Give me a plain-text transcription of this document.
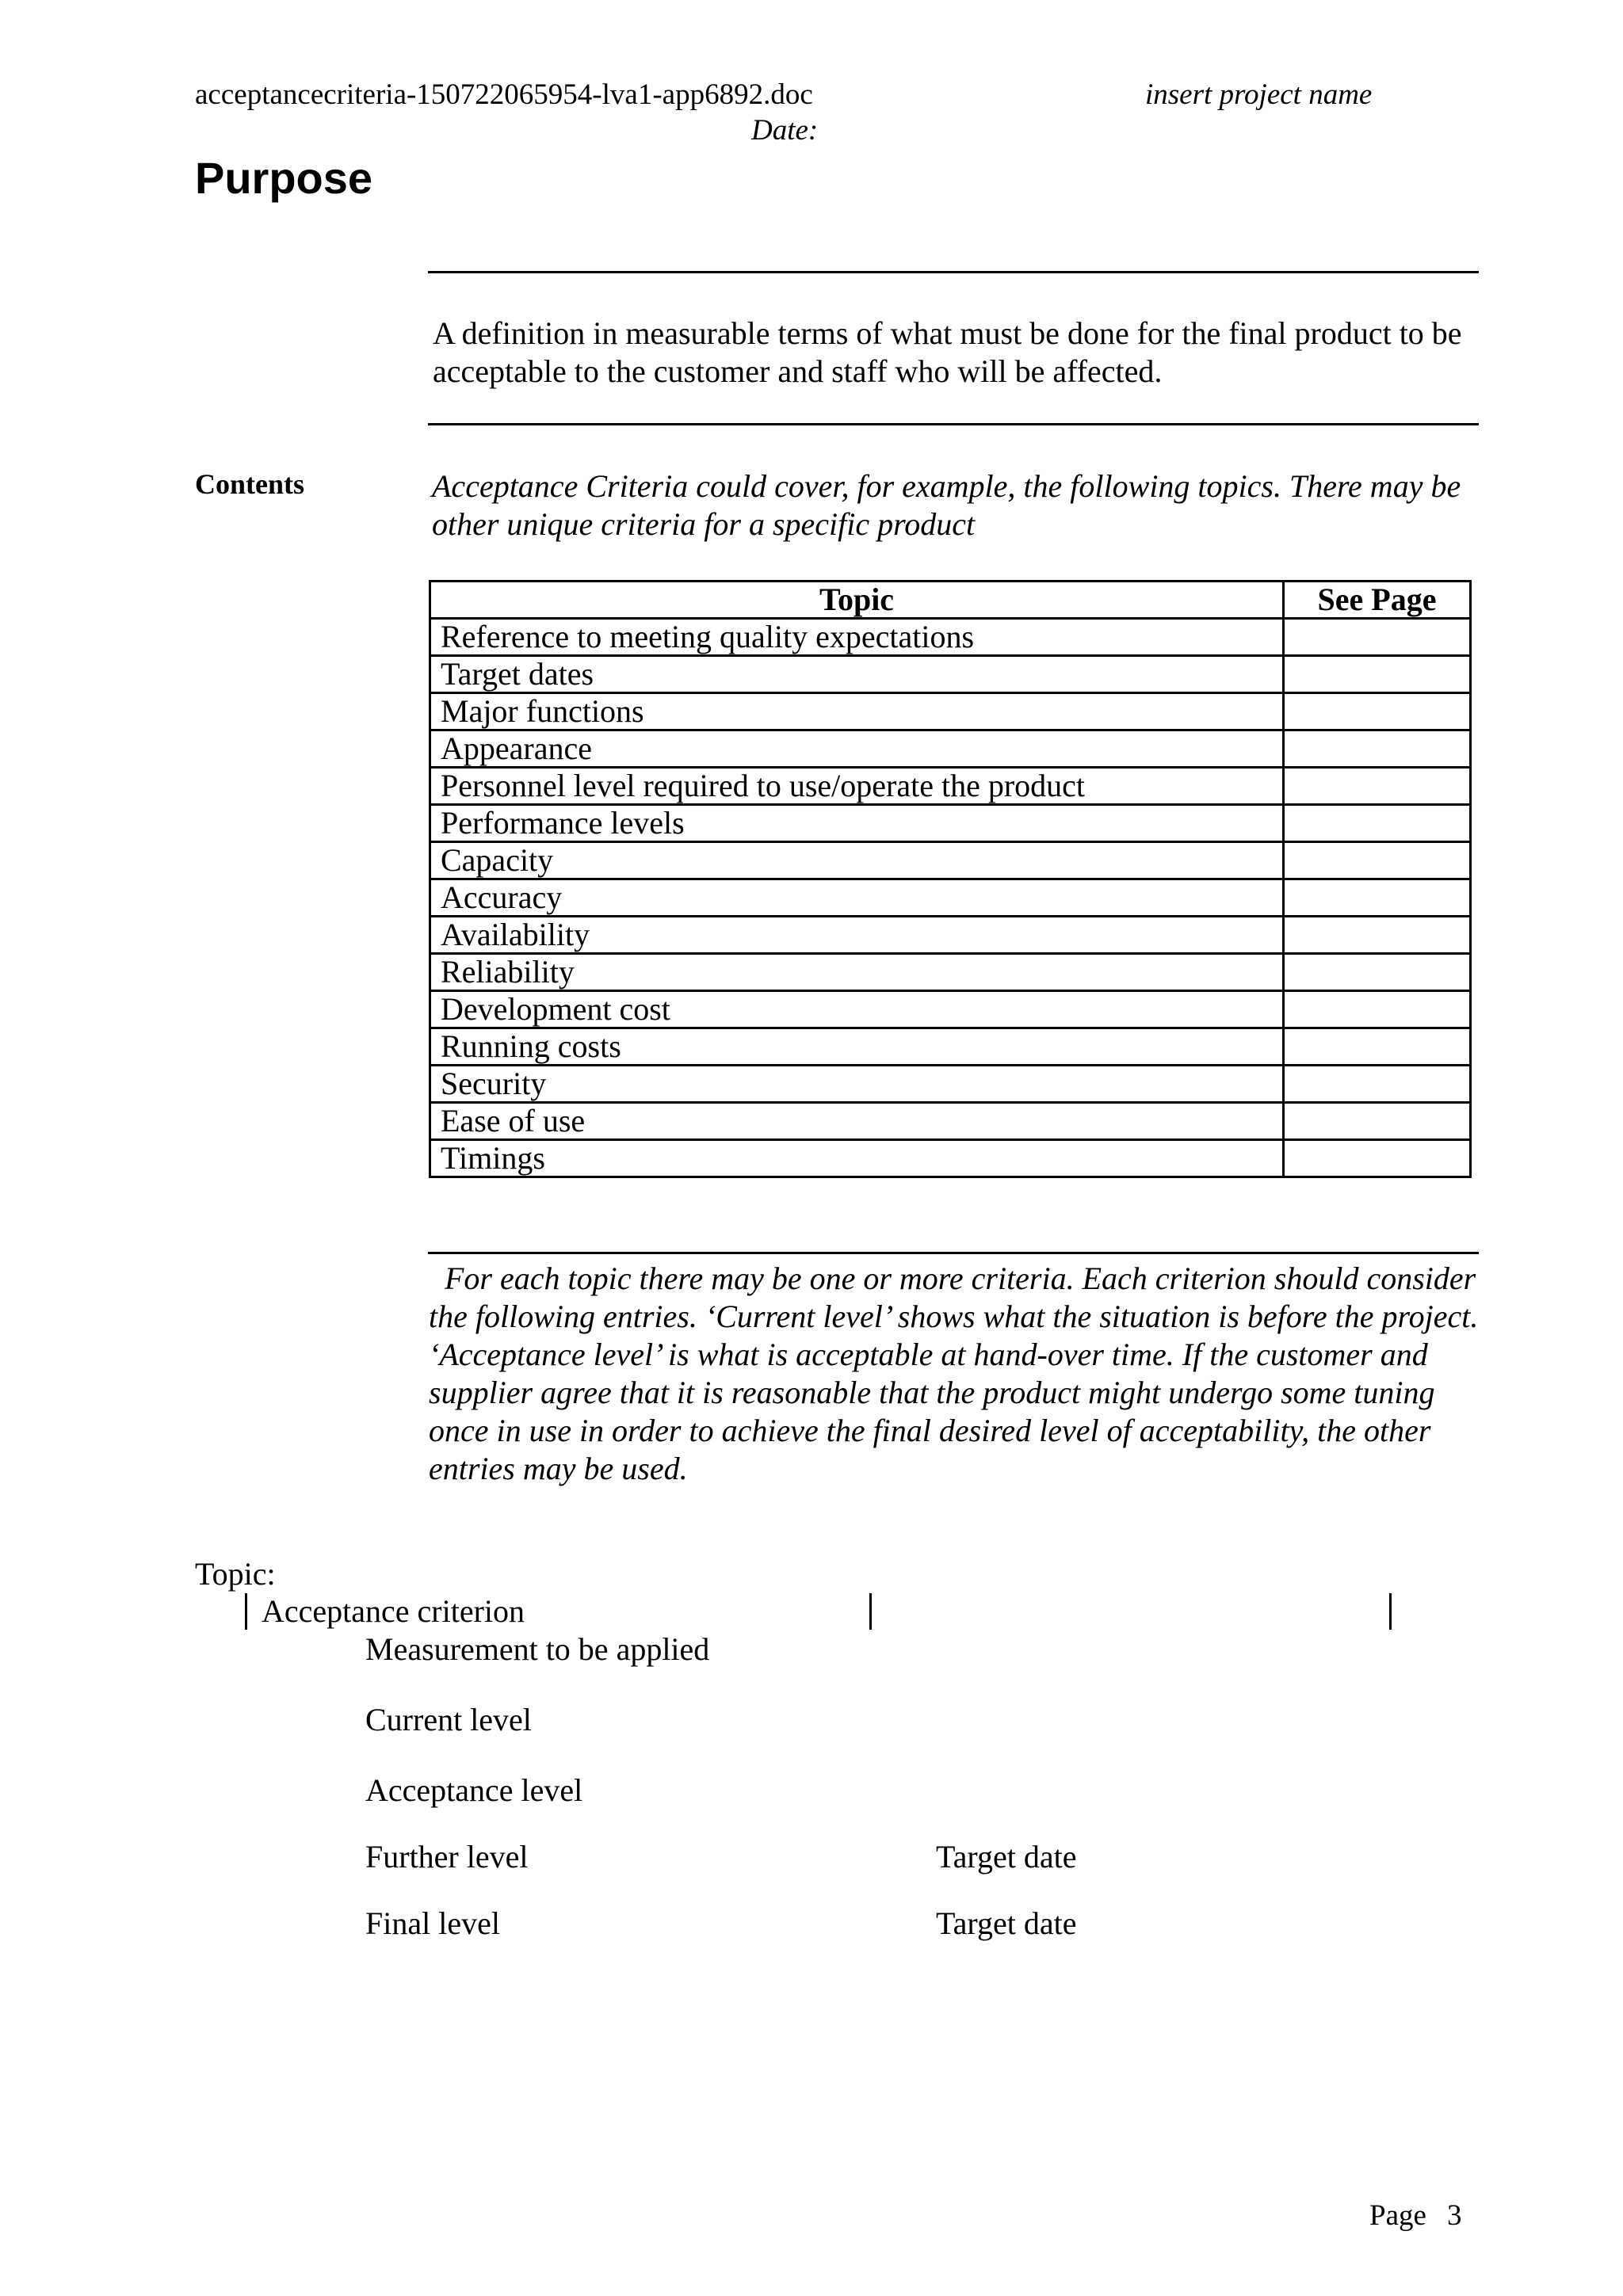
acceptancecriteria-150722065954-lva1-app6892.doc	insert project name
Date:
Purpose

A definition in measurable terms of what must be done for the final product to be acceptable to the customer and staff who will be affected.

Contents	Acceptance Criteria could cover, for example, the following topics. There may be other unique criteria for a specific product

Topic	See Page
Reference to meeting quality expectations	
Target dates	
Major functions	
Appearance	
Personnel level required to use/operate the product	
Performance levels	
Capacity	
Accuracy	
Availability	
Reliability	
Development cost	
Running costs	
Security	
Ease of use	
Timings	

For each topic there may be one or more criteria. Each criterion should consider the following entries. ‘Current level’ shows what the situation is before the project. ‘Acceptance level’ is what is acceptable at hand-over time. If the customer and supplier agree that it is reasonable that the product might undergo some tuning once in use in order to achieve the final desired level of acceptability, the other entries may be used.

Topic:
Acceptance criterion
Measurement to be applied
Current level
Acceptance level
Further level	Target date
Final level	Target date
Page 3
